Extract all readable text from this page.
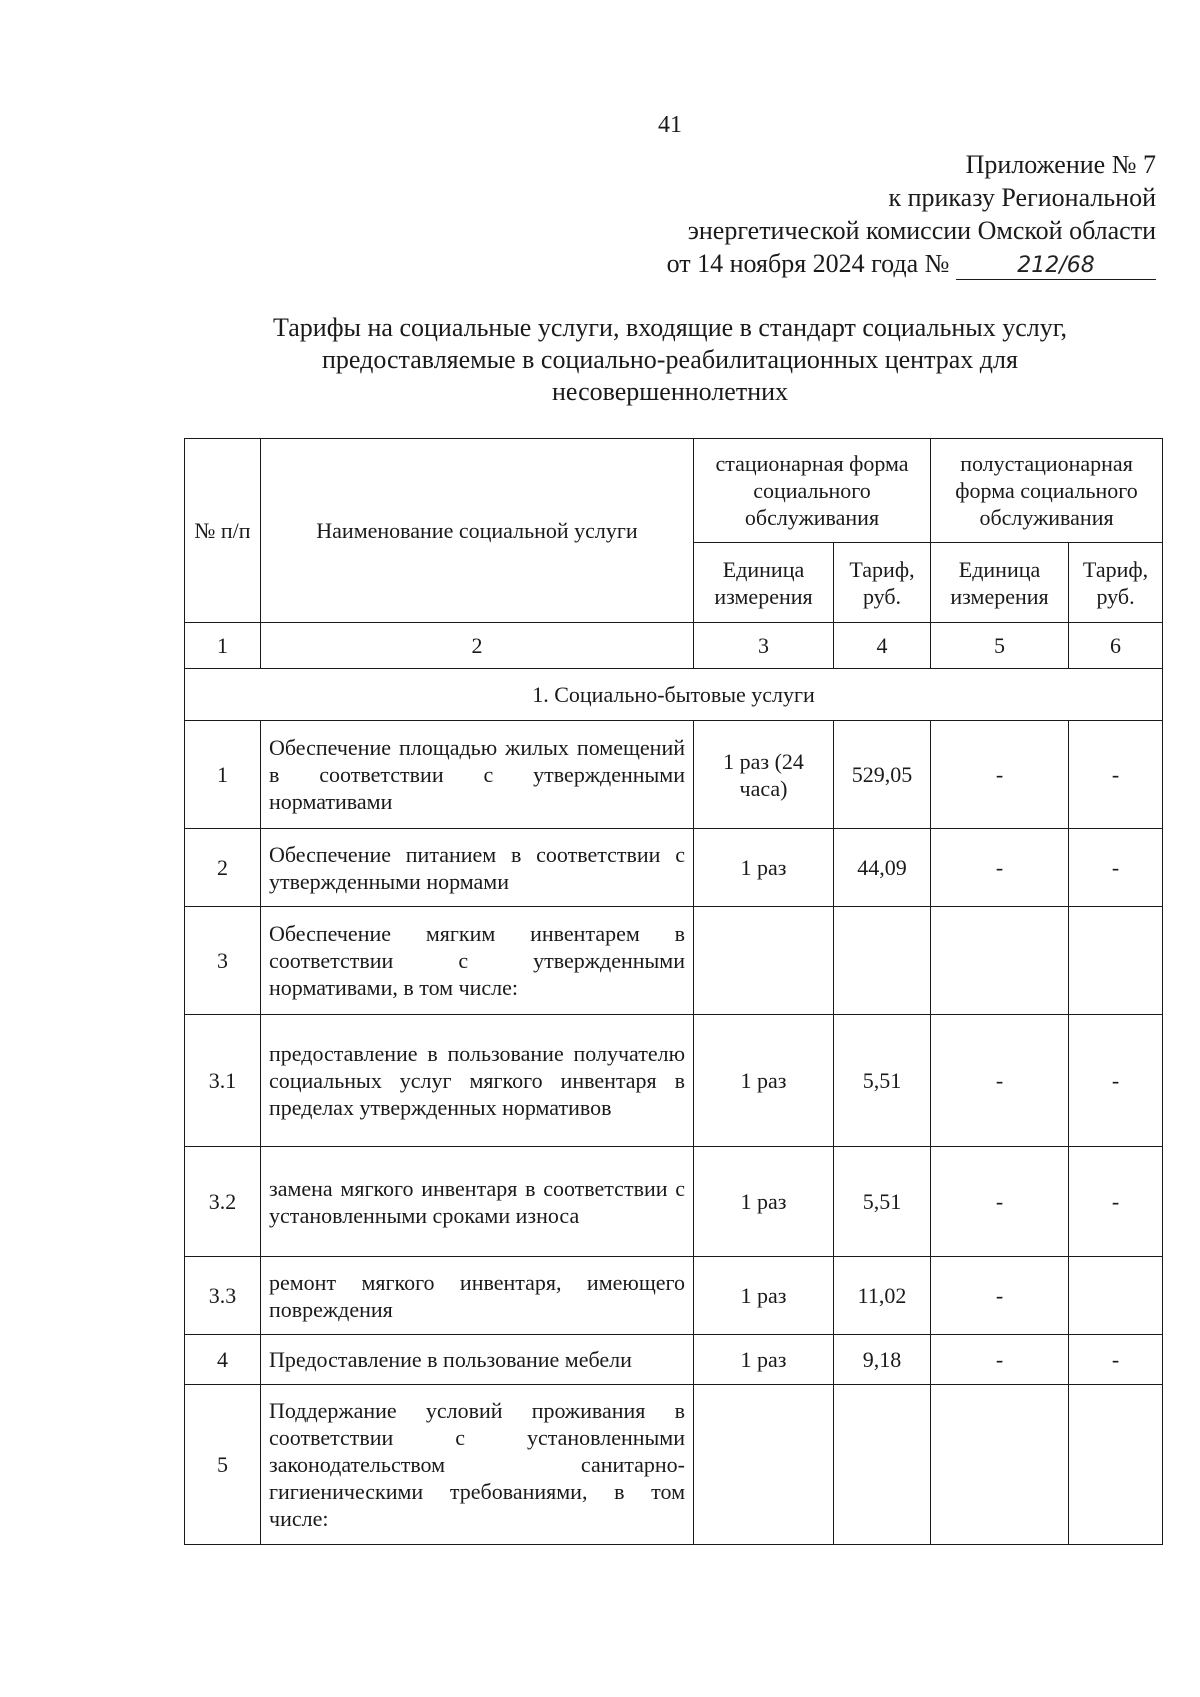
41
Приложение № 7
к приказу Региональной
энергетической комиссии Омской области
от 14 ноября 2024 года №	212/68
Тарифы на социальные услуги, входящие в стандарт социальных услуг,
предоставляемые в социально-реабилитационных центрах для
несовершеннолетних
№ п/п	Наименование социальной услуги	стационарная форма социального обслуживания		полустационарная форма социального обслуживания	
		Единица измерения	Тариф, руб.	Единица измерения	Тариф, руб.
1	2	3	4	5	6
1. Социально-бытовые услуги					
1	Обеспечение площадью жилых помещений в соответствии с утвержденными нормативами	1 раз (24 часа)	529,05	-	-
2	Обеспечение питанием в соответствии с утвержденными нормами	1 раз	44,09	-	-
3	Обеспечение мягким инвентарем в соответствии с утвержденными нормативами, в том числе:				
3.1	предоставление в пользование получателю социальных услуг мягкого инвентаря в пределах утвержденных нормативов	1 раз	5,51	-	-
3.2	замена мягкого инвентаря в соответствии с установленными сроками износа	1 раз	5,51	-	-
3.3	ремонт мягкого инвентаря, имеющего повреждения	1 раз	11,02	-	
4	Предоставление в пользование мебели	1 раз	9,18	-	-
5	Поддержание условий проживания в соответствии с установленными законодательством санитарно-гигиеническими требованиями, в том числе:				
